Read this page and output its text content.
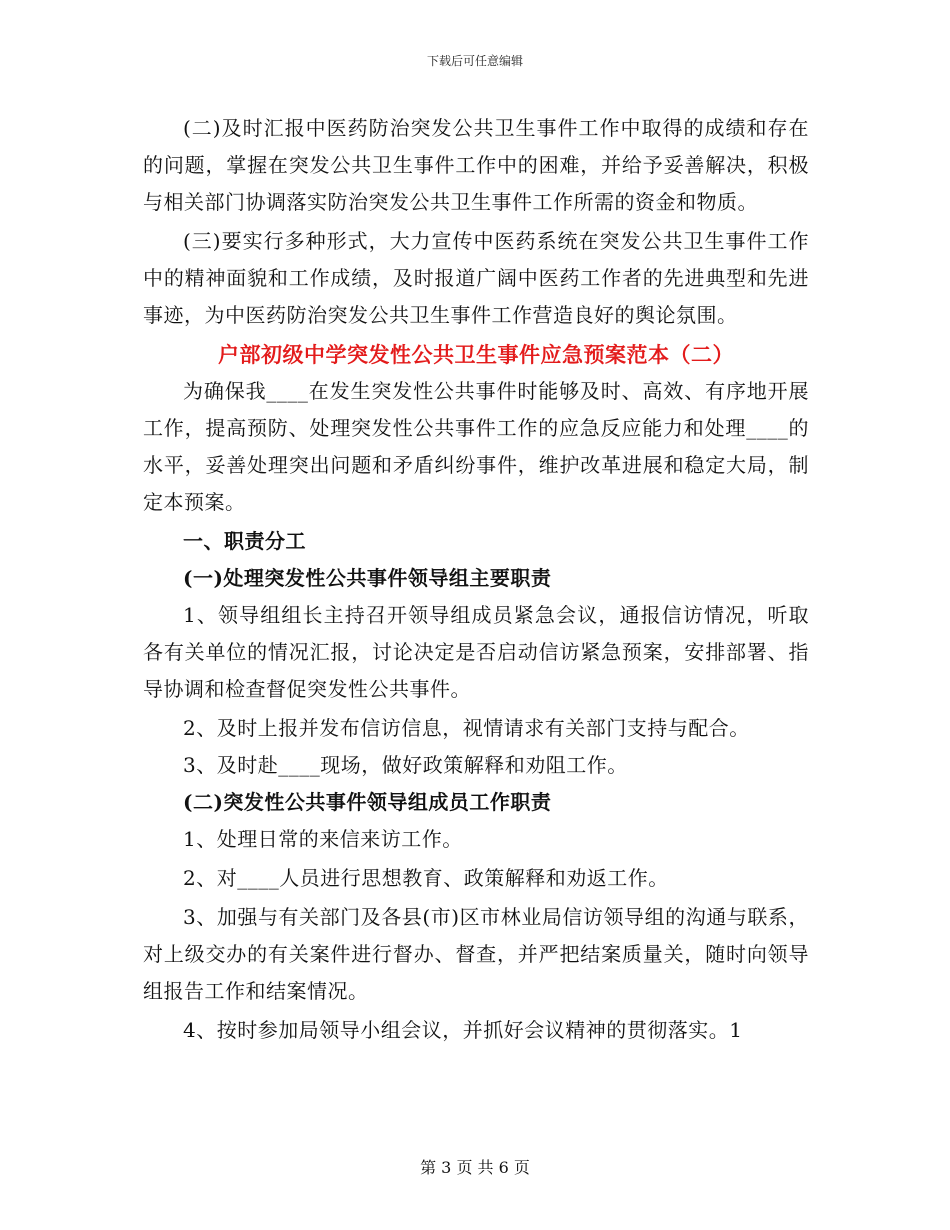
下载后可任意编辑

(二)及时汇报中医药防治突发公共卫生事件工作中取得的成绩和存在的问题，掌握在突发公共卫生事件工作中的困难，并给予妥善解决，积极与相关部门协调落实防治突发公共卫生事件工作所需的资金和物质。

(三)要实行多种形式，大力宣传中医药系统在突发公共卫生事件工作中的精神面貌和工作成绩，及时报道广阔中医药工作者的先进典型和先进事迹，为中医药防治突发公共卫生事件工作营造良好的舆论氛围。

户部初级中学突发性公共卫生事件应急预案范本（二）

为确保我____在发生突发性公共事件时能够及时、高效、有序地开展工作，提高预防、处理突发性公共事件工作的应急反应能力和处理____的水平，妥善处理突出问题和矛盾纠纷事件，维护改革进展和稳定大局，制定本预案。

一、职责分工

(一)处理突发性公共事件领导组主要职责

1、领导组组长主持召开领导组成员紧急会议，通报信访情况，听取各有关单位的情况汇报，讨论决定是否启动信访紧急预案，安排部署、指导协调和检查督促突发性公共事件。

2、及时上报并发布信访信息，视情请求有关部门支持与配合。

3、及时赴____现场，做好政策解释和劝阻工作。

(二)突发性公共事件领导组成员工作职责

1、处理日常的来信来访工作。

2、对____人员进行思想教育、政策解释和劝返工作。

3、加强与有关部门及各县(市)区市林业局信访领导组的沟通与联系，对上级交办的有关案件进行督办、督查，并严把结案质量关，随时向领导组报告工作和结案情况。

4、按时参加局领导小组会议，并抓好会议精神的贯彻落实。1

第 3 页 共 6 页
